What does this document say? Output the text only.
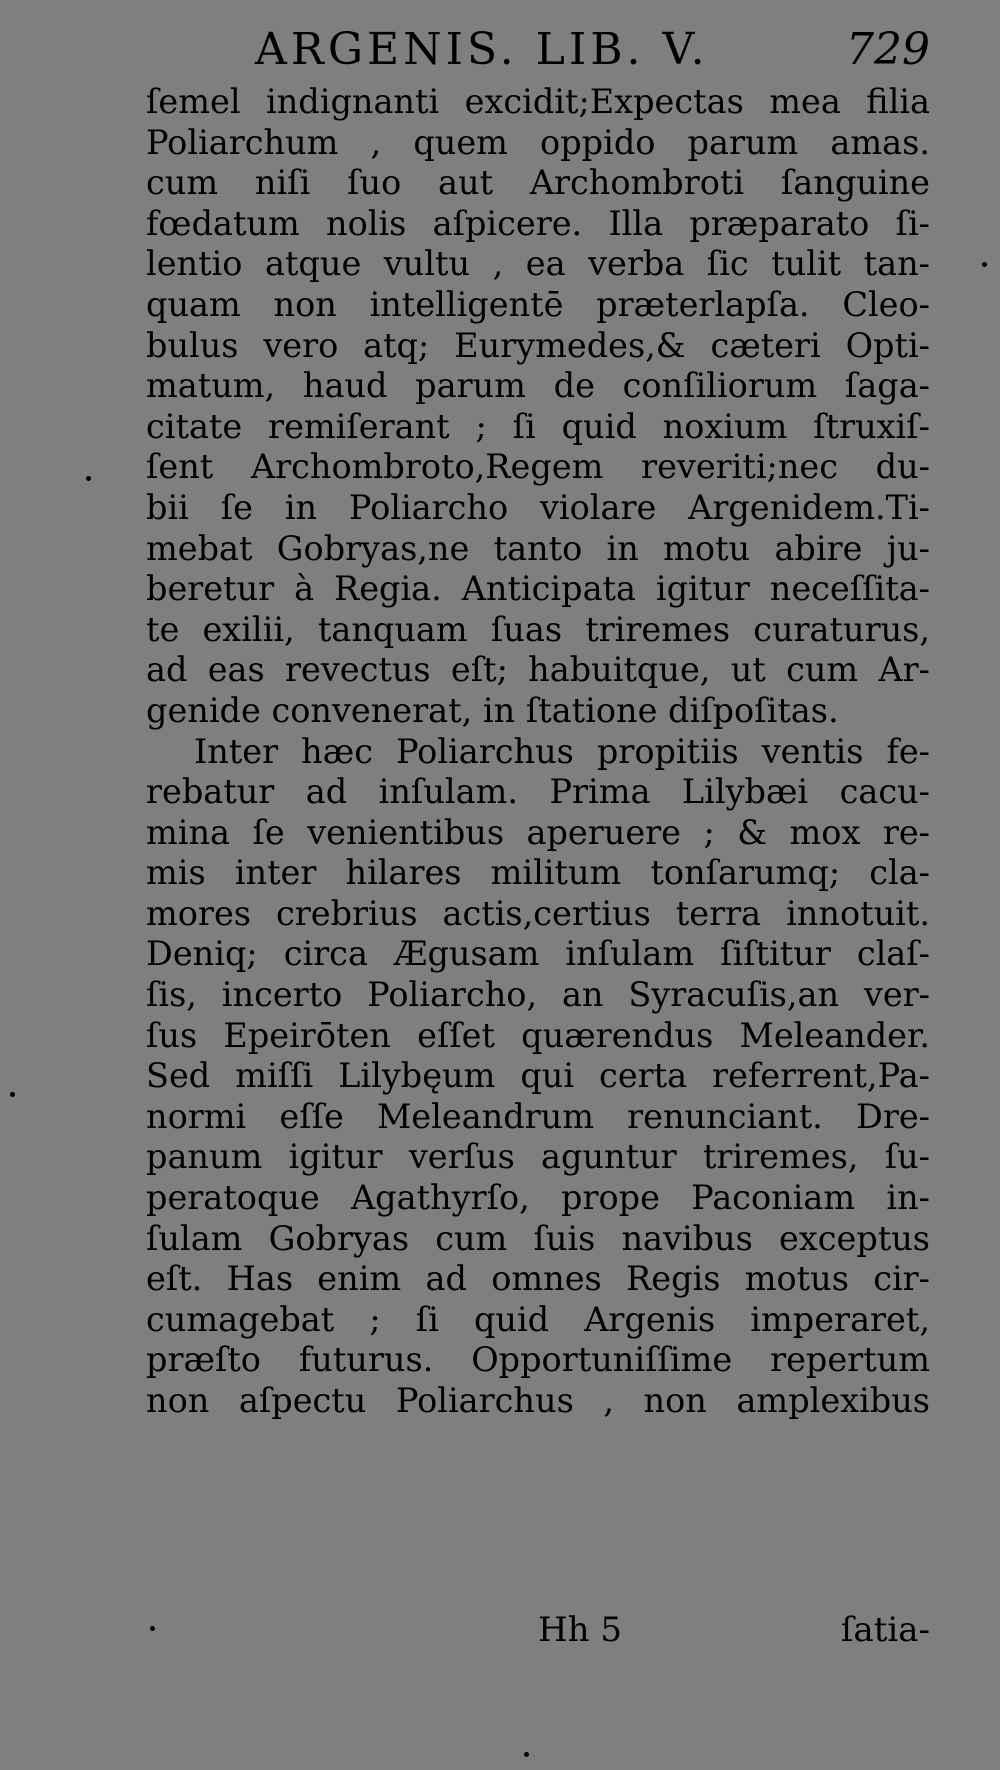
ARGENIS. LIB. V.	729
ſemel indignanti excidit;Expectas mea filia
Poliarchum , quem oppido parum amas.
cum niſi ſuo aut Archombroti ſanguine
fœdatum nolis aſpicere. Illa præparato ſi-
lentio atque vultu , ea verba ſic tulit tan-
quam non intelligentē præterlapſa. Cleo-
bulus vero atq; Eurymedes,& cæteri Opti-
matum, haud parum de conſiliorum ſaga-
citate remiſerant ; ſi quid noxium ſtruxiſ-
ſent Archombroto,Regem reveriti;nec du-
bii ſe in Poliarcho violare Argenidem.Ti-
mebat Gobryas,ne tanto in motu abire ju-
beretur à Regia. Anticipata igitur neceſſita-
te exilii, tanquam ſuas triremes curaturus,
ad eas revectus eſt; habuitque, ut cum Ar-
genide convenerat, in ſtatione diſpoſitas.
Inter hæc Poliarchus propitiis ventis fe-
rebatur ad inſulam. Prima Lilybæi cacu-
mina ſe venientibus aperuere ; & mox re-
mis inter hilares militum tonſarumq; cla-
mores crebrius actis,certius terra innotuit.
Deniq; circa Ægusam inſulam ſiſtitur claſ-
ſis, incerto Poliarcho, an Syracuſis,an ver-
ſus Epeirōten eſſet quærendus Meleander.
Sed miſſi Lilybęum qui certa referrent,Pa-
normi eſſe Meleandrum renunciant. Dre-
panum igitur verſus aguntur triremes, ſu-
peratoque Agathyrſo, prope Paconiam in-
ſulam Gobryas cum ſuis navibus exceptus
eſt. Has enim ad omnes Regis motus cir-
cumagebat ; ſi quid Argenis imperaret,
præſto futurus. Opportuniſſime repertum
non aſpectu Poliarchus , non amplexibus
Hh 5	ſatia-
